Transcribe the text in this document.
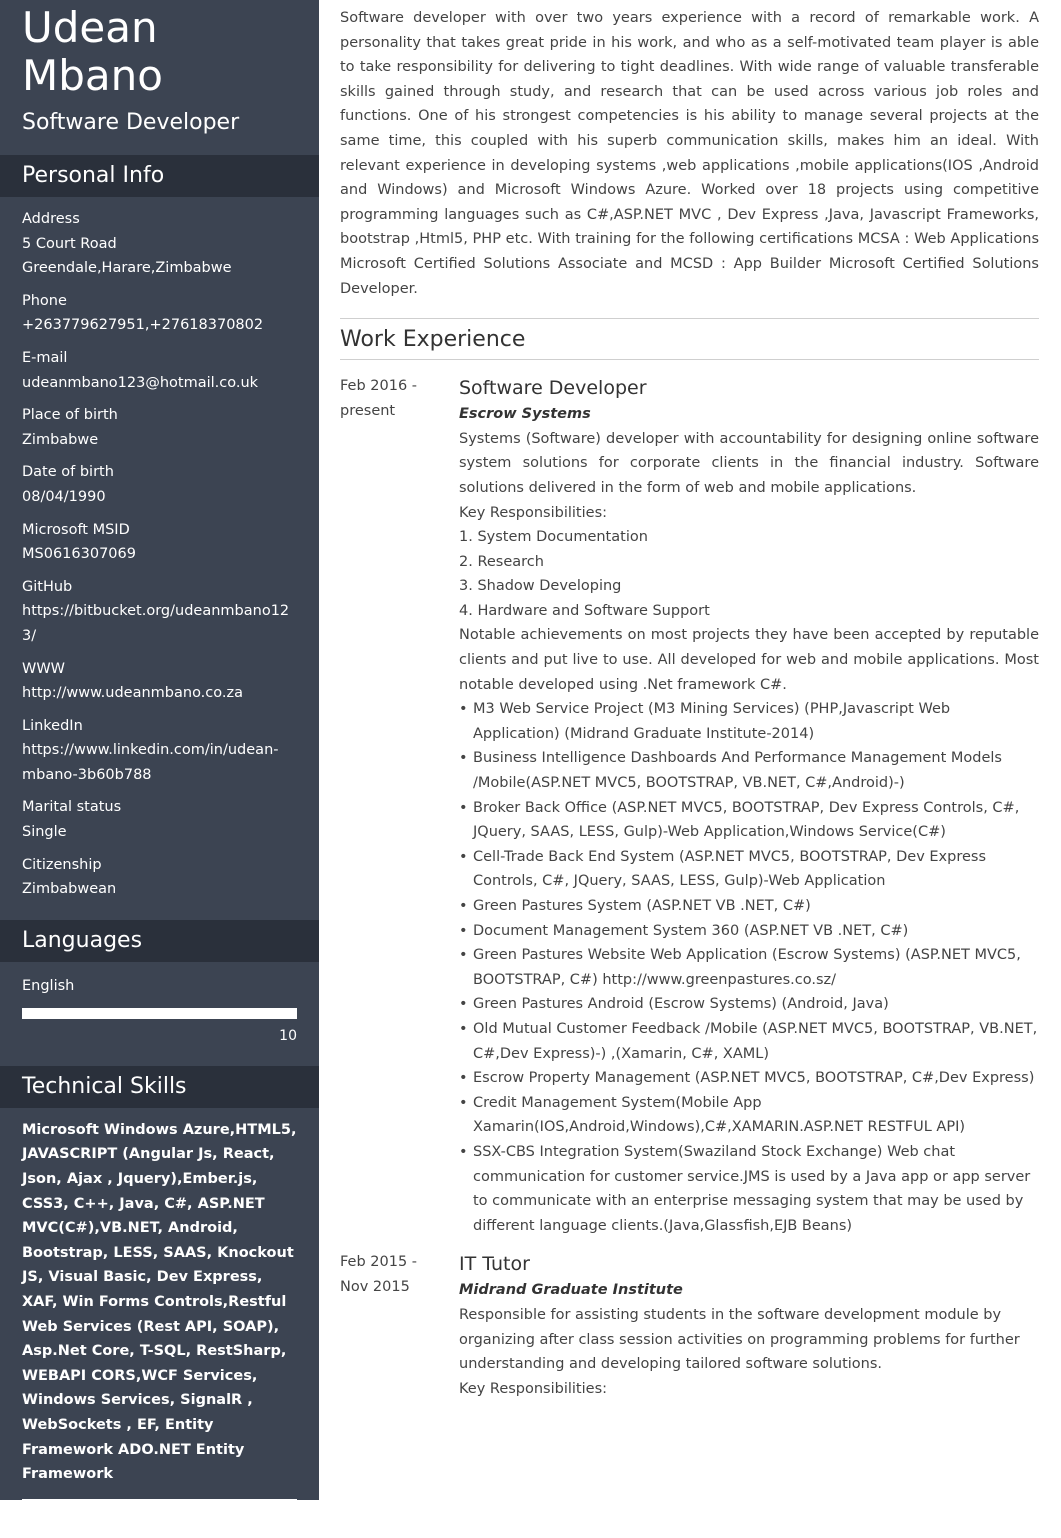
Udean
Mbano
Software Developer
Personal Info
Address
5 Court Road
Greendale,Harare,Zimbabwe
Phone
+263779627951,+27618370802
E-mail
udeanmbano123@hotmail.co.uk
Place of birth
Zimbabwe
Date of birth
08/04/1990
Microsoft MSID
MS0616307069
GitHub
https://bitbucket.org/udeanmbano123/
WWW
http://www.udeanmbano.co.za
LinkedIn
https://www.linkedin.com/in/udean-mbano-3b60b788
Marital status
Single
Citizenship
Zimbabwean
Languages
English
10
Technical Skills
Microsoft Windows Azure,HTML5, JAVASCRIPT (Angular Js, React, Json, Ajax , Jquery),Ember.js, CSS3, C++, Java, C#, ASP.NET MVC(C#),VB.NET, Android, Bootstrap, LESS, SAAS, Knockout JS, Visual Basic, Dev Express, XAF, Win Forms Controls,Restful Web Services (Rest API, SOAP), Asp.Net Core, T-SQL, RestSharp, WEBAPI CORS,WCF Services, Windows Services, SignalR , WebSockets , EF, Entity Framework ADO.NET Entity Framework
10

Software developer with over two years experience with a record of remarkable work. A personality that takes great pride in his work, and who as a self-motivated team player is able to take responsibility for delivering to tight deadlines. With wide range of valuable transferable skills gained through study, and research that can be used across various job roles and functions. One of his strongest competencies is his ability to manage several projects at the same time, this coupled with his superb communication skills, makes him an ideal. With relevant experience in developing systems ,web applications ,mobile applications(IOS ,Android and Windows) and Microsoft Windows Azure. Worked over 18 projects using competitive programming languages such as C#,ASP.NET MVC , Dev Express ,Java, Javascript Frameworks, bootstrap ,Html5, PHP etc. With training for the following certifications MCSA : Web Applications Microsoft Certified Solutions Associate and MCSD : App Builder Microsoft Certified Solutions Developer.

Work Experience
Feb 2016 -
present
Software Developer
Escrow Systems
Systems (Software) developer with accountability for designing online software system solutions for corporate clients in the financial industry. Software solutions delivered in the form of web and mobile applications.
Key Responsibilities:
1. System Documentation
2. Research
3. Shadow Developing
4. Hardware and Software Support
Notable achievements on most projects they have been accepted by reputable clients and put live to use. All developed for web and mobile applications. Most notable developed using .Net framework C#.
• M3 Web Service Project (M3 Mining Services) (PHP,Javascript Web Application) (Midrand Graduate Institute-2014)
• Business Intelligence Dashboards And Performance Management Models /Mobile(ASP.NET MVC5, BOOTSTRAP, VB.NET, C#,Android)-)
• Broker Back Office (ASP.NET MVC5, BOOTSTRAP, Dev Express Controls, C#, JQuery, SAAS, LESS, Gulp)-Web Application,Windows Service(C#)
• Cell-Trade Back End System (ASP.NET MVC5, BOOTSTRAP, Dev Express Controls, C#, JQuery, SAAS, LESS, Gulp)-Web Application
• Green Pastures System (ASP.NET VB .NET, C#)
• Document Management System 360 (ASP.NET VB .NET, C#)
• Green Pastures Website Web Application (Escrow Systems) (ASP.NET MVC5, BOOTSTRAP, C#) http://www.greenpastures.co.sz/
• Green Pastures Android (Escrow Systems) (Android, Java)
• Old Mutual Customer Feedback /Mobile (ASP.NET MVC5, BOOTSTRAP, VB.NET, C#,Dev Express)-) ,(Xamarin, C#, XAML)
• Escrow Property Management (ASP.NET MVC5, BOOTSTRAP, C#,Dev Express)
• Credit Management System(Mobile App Xamarin(IOS,Android,Windows),C#,XAMARIN.ASP.NET RESTFUL API)
• SSX-CBS Integration System(Swaziland Stock Exchange) Web chat communication for customer service.JMS is used by a Java app or app server to communicate with an enterprise messaging system that may be used by different language clients.(Java,Glassfish,EJB Beans)
Feb 2015 -
Nov 2015
IT Tutor
Midrand Graduate Institute
Responsible for assisting students in the software development module by organizing after class session activities on programming problems for further understanding and developing tailored software solutions.
Key Responsibilities:
